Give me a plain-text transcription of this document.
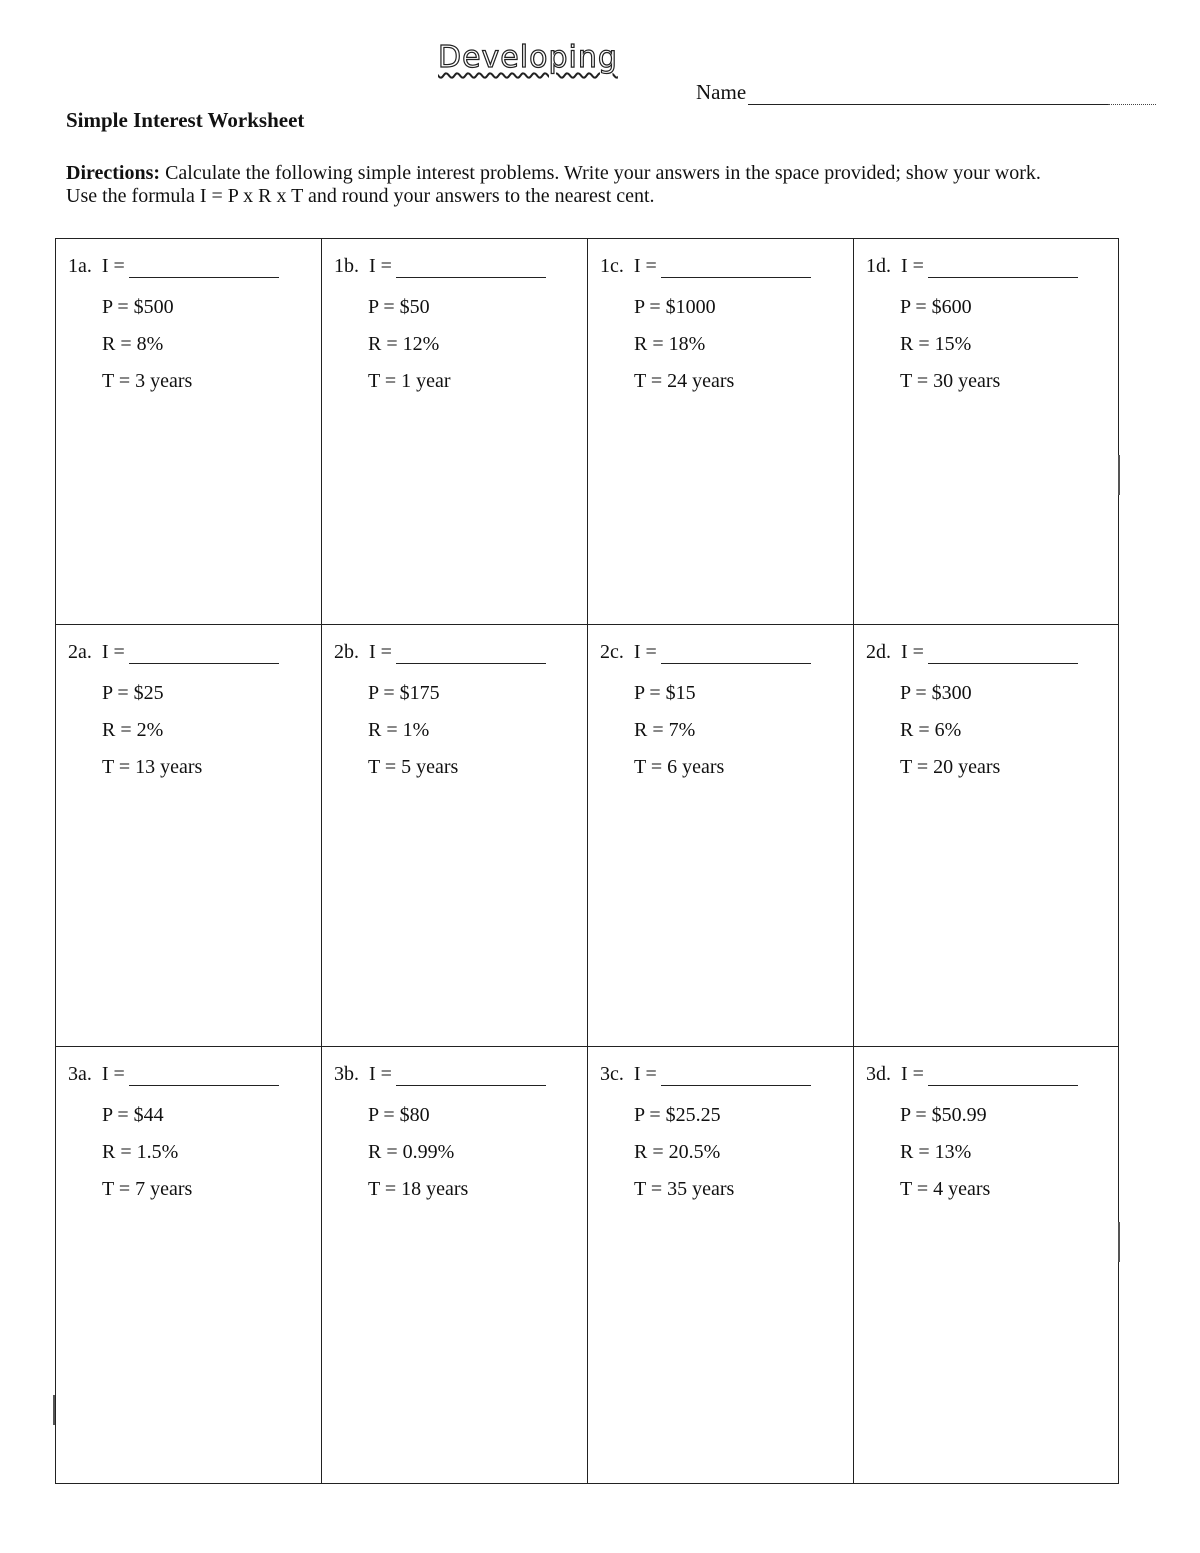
Developing
Name
Simple Interest Worksheet
Directions: Calculate the following simple interest problems. Write your answers in the space provided; show your work. Use the formula I = P x R x T and round your answers to the nearest cent.
1a. I =
P = $500
R = 8%
T = 3 years
1b. I =
P = $50
R = 12%
T = 1 year
1c. I =
P = $1000
R = 18%
T = 24 years
1d. I =
P = $600
R = 15%
T = 30 years
2a. I =
P = $25
R = 2%
T = 13 years
2b. I =
P = $175
R = 1%
T = 5 years
2c. I =
P = $15
R = 7%
T = 6 years
2d. I =
P = $300
R = 6%
T = 20 years
3a. I =
P = $44
R = 1.5%
T = 7 years
3b. I =
P = $80
R = 0.99%
T = 18 years
3c. I =
P = $25.25
R = 20.5%
T = 35 years
3d. I =
P = $50.99
R = 13%
T = 4 years
